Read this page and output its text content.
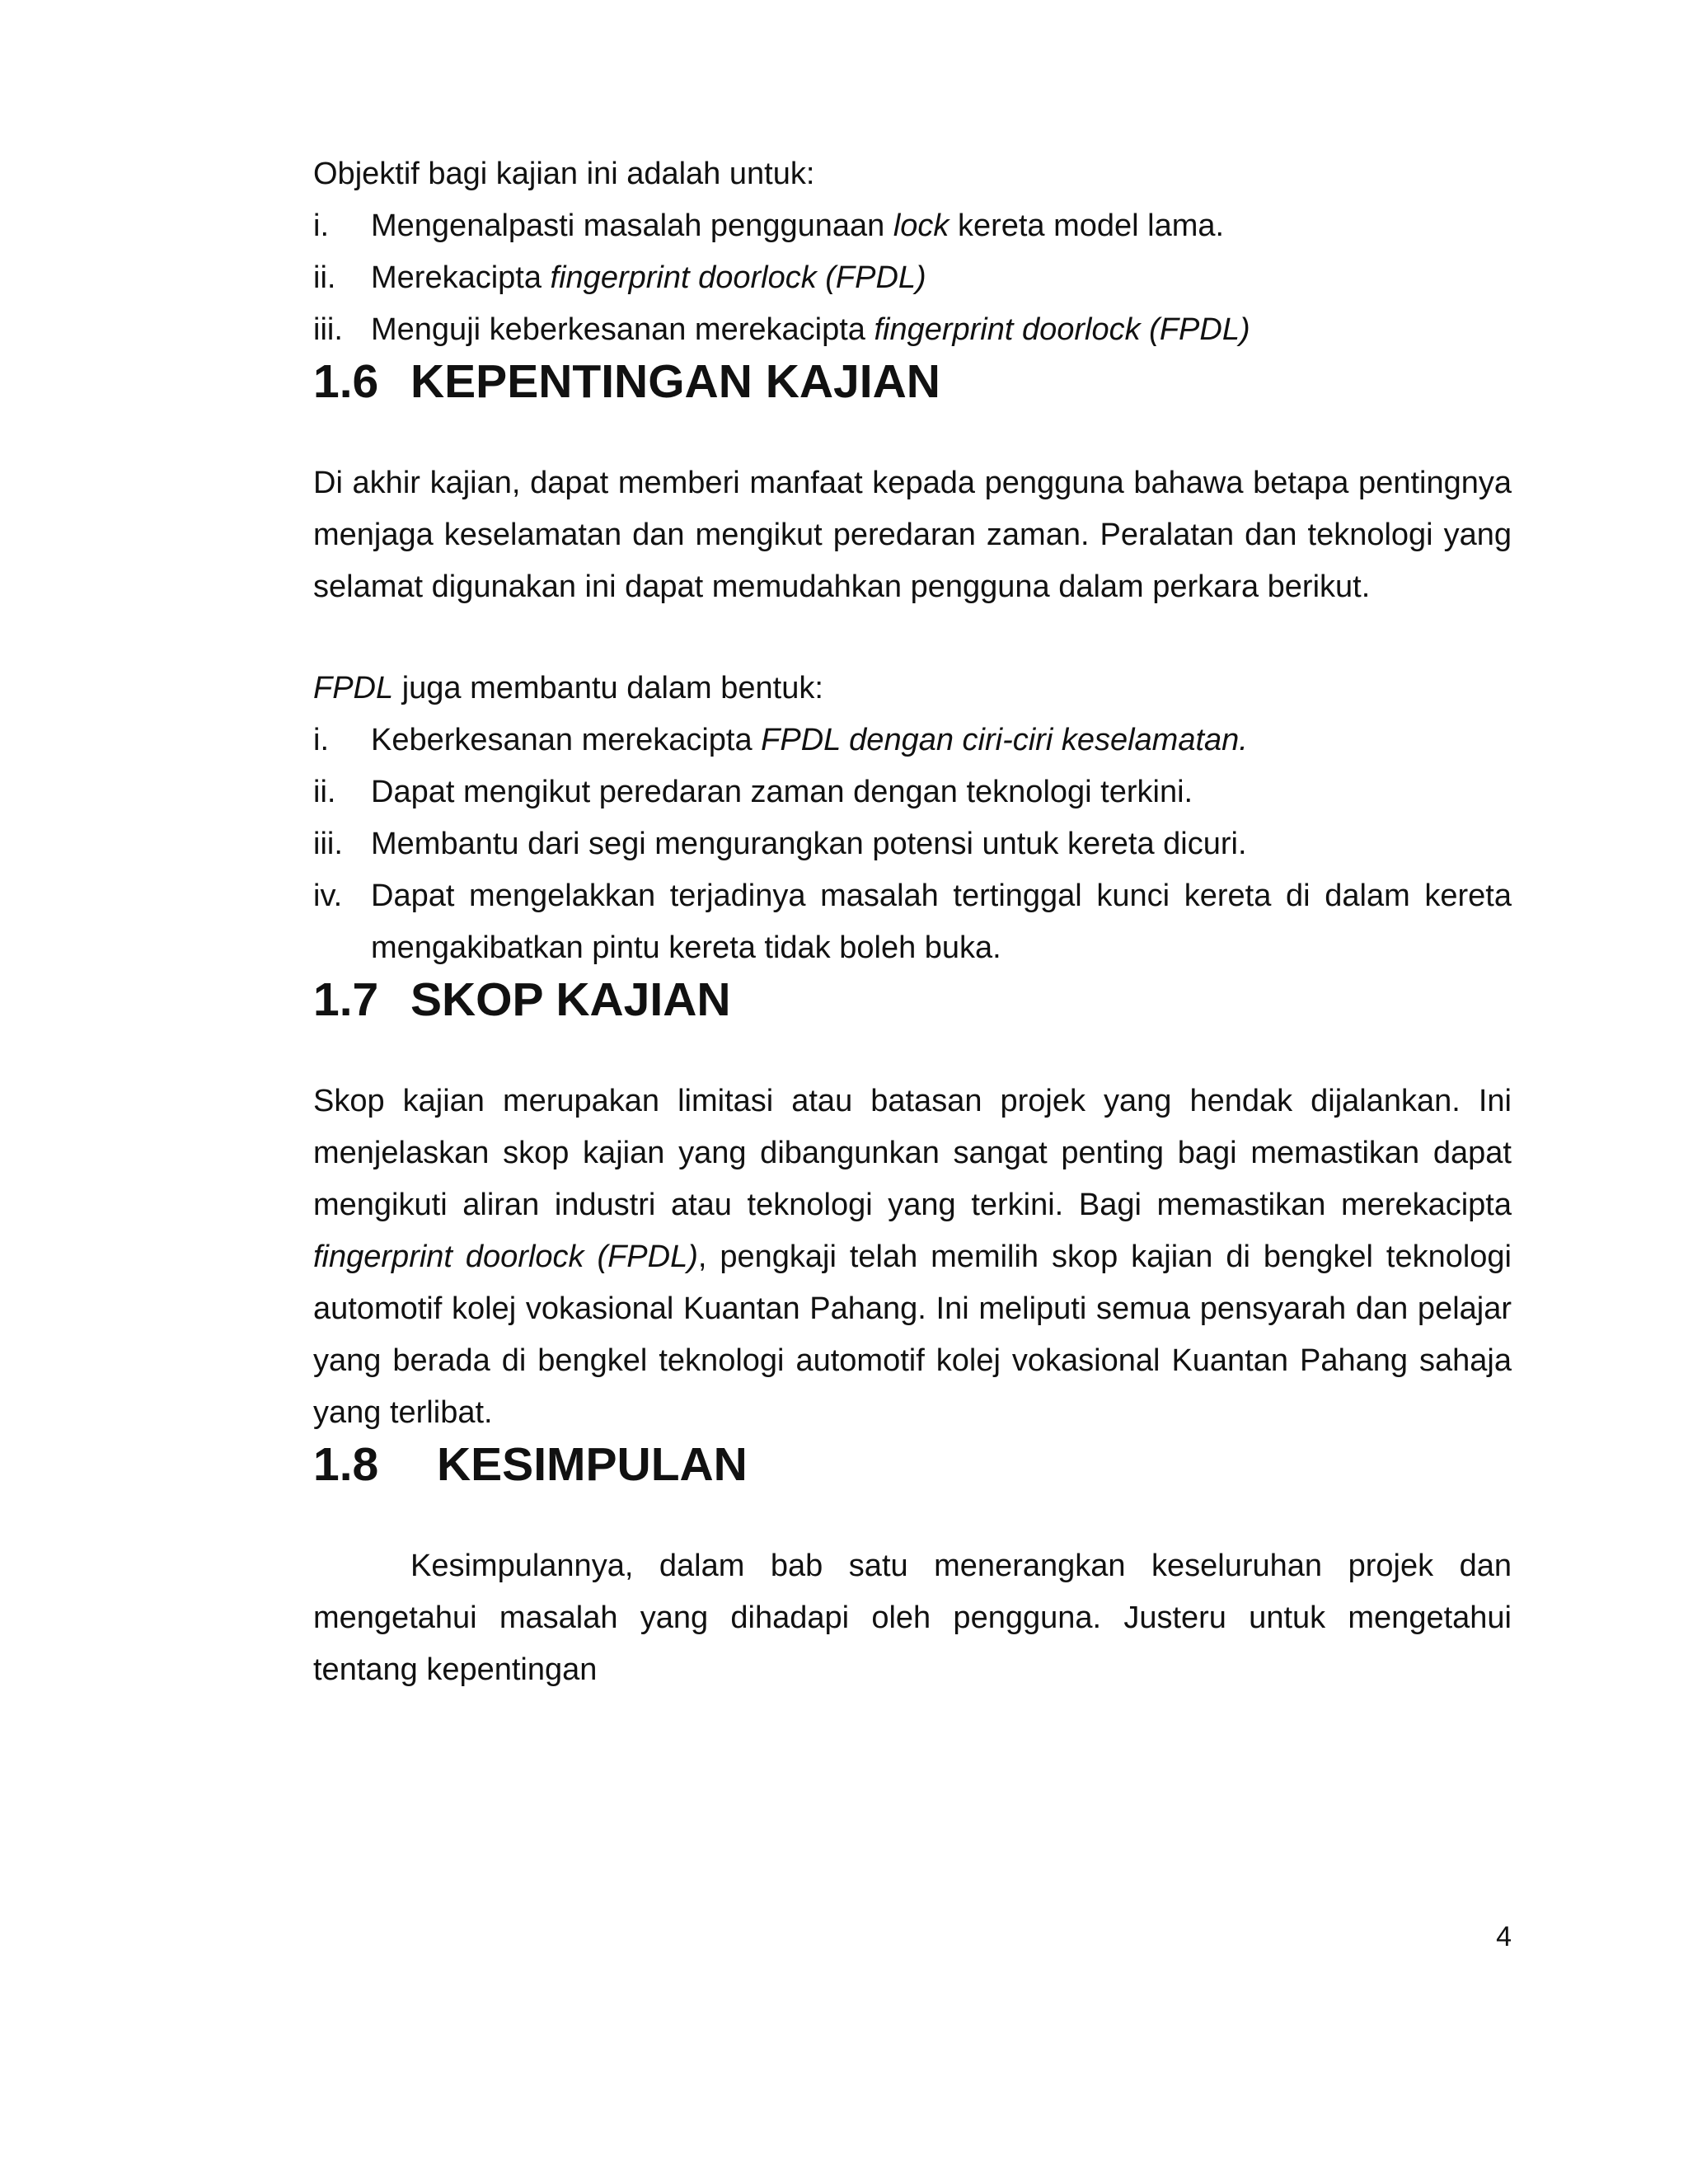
Objektif bagi kajian ini adalah untuk:

i.	Mengenalpasti masalah penggunaan lock kereta model lama.
ii.	Merekacipta fingerprint doorlock (FPDL)
iii. Menguji keberkesanan merekacipta fingerprint doorlock (FPDL)
1.6 KEPENTINGAN KAJIAN

Di akhir kajian, dapat memberi manfaat kepada pengguna bahawa betapa pentingnya menjaga keselamatan dan mengikut peredaran zaman. Peralatan dan teknologi yang selamat digunakan ini dapat memudahkan pengguna dalam perkara berikut.

FPDL juga membantu dalam bentuk:

i.	Keberkesanan merekacipta FPDL dengan ciri-ciri keselamatan.
ii.	Dapat mengikut peredaran zaman dengan teknologi terkini.
iii. Membantu dari segi mengurangkan potensi untuk kereta dicuri.
iv. Dapat mengelakkan terjadinya masalah tertinggal kunci kereta di dalam kereta mengakibatkan pintu kereta tidak boleh buka.
1.7 SKOP KAJIAN

Skop kajian merupakan limitasi atau batasan projek yang hendak dijalankan. Ini menjelaskan skop kajian yang dibangunkan sangat penting bagi memastikan dapat mengikuti aliran industri atau teknologi yang terkini. Bagi memastikan merekacipta fingerprint doorlock (FPDL), pengkaji telah memilih skop kajian di bengkel teknologi automotif kolej vokasional Kuantan Pahang. Ini meliputi semua pensyarah dan pelajar yang berada di bengkel teknologi automotif kolej vokasional Kuantan Pahang sahaja yang terlibat.

1.8	KESIMPULAN

Kesimpulannya, dalam bab satu menerangkan keseluruhan projek dan mengetahui masalah yang dihadapi oleh pengguna. Justeru untuk mengetahui tentang kepentingan

4
